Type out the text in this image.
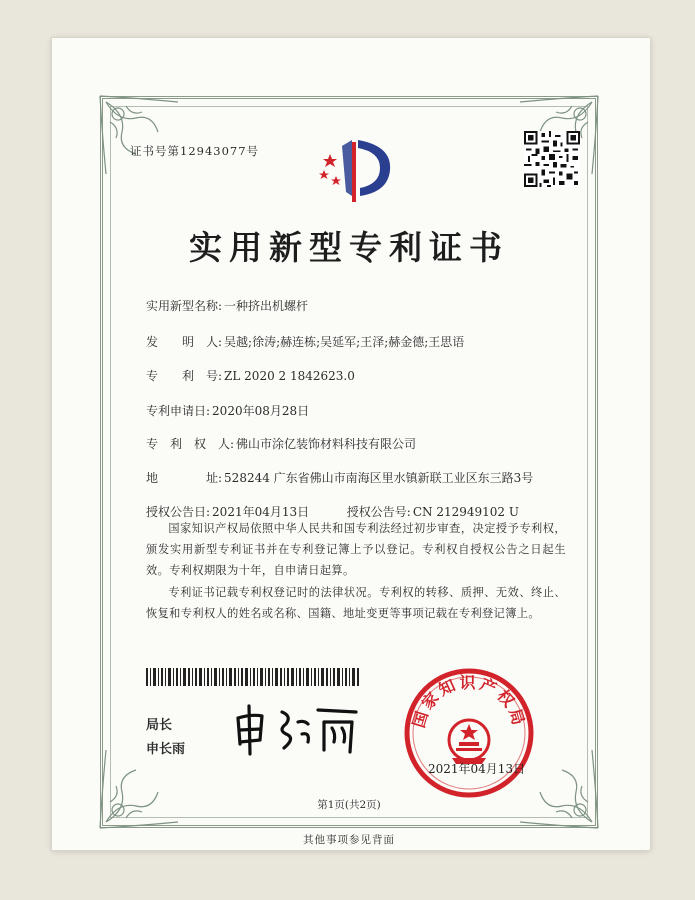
证书号第12943077号
实用新型专利证书
实用新型名称: 一种挤出机螺杆
发　　明　人: 吴越;徐涛;赫连栋;吴延军;王泽;赫金德;王思语
专　　利　号: ZL 2020 2 1842623.0
专利申请日: 2020年08月28日
专　利　权　人: 佛山市涂亿装饰材料科技有限公司
地　　　　址: 528244 广东省佛山市南海区里水镇新联工业区东三路3号
授权公告日: 2021年04月13日	授权公告号: CN 212949102 U
国家知识产权局依照中华人民共和国专利法经过初步审查，决定授予专利权，颁发实用新型专利证书并在专利登记簿上予以登记。专利权自授权公告之日起生效。专利权期限为十年，自申请日起算。
专利证书记载专利权登记时的法律状况。专利权的转移、质押、无效、终止、恢复和专利权人的姓名或名称、国籍、地址变更等事项记载在专利登记簿上。
局长
申长雨
国家知识产权局
2021年04月13日
第1页(共2页)
其他事项参见背面
